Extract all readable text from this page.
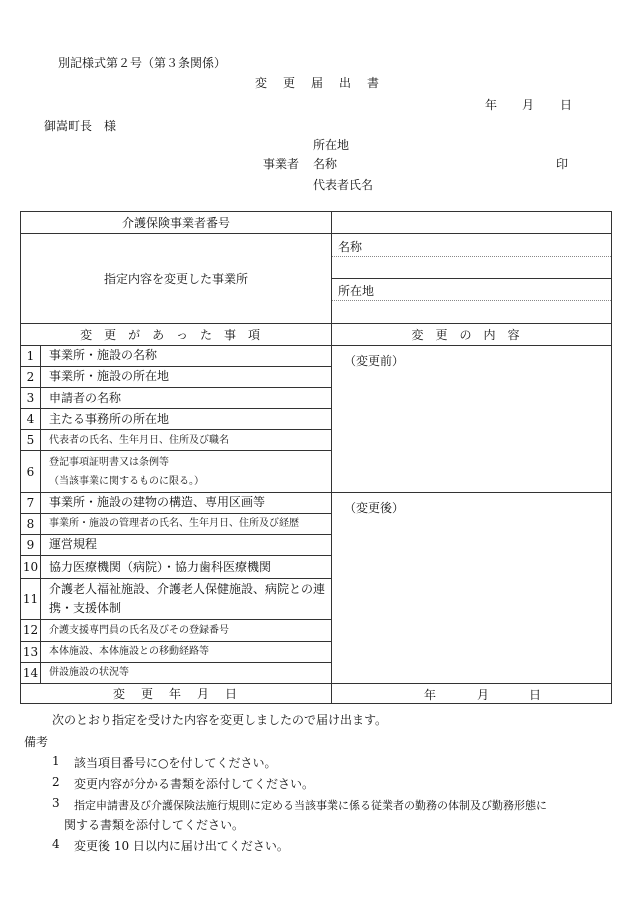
別記様式第２号（第３条関係）
変　更　届　出　書
年 月 日
御嵩町長　様
所在地
事業者 名称	印
代表者氏名
介護保険事業者番号		
指定内容を変更した事業所		名称
所在地

変更があった事項		変更の内容
1	事業所・施設の名称	（変更前）

2	事業所・施設の所在地	
3	申請者の名称	
4	主たる事務所の所在地	
5	代表者の氏名、生年月日、住所及び職名	
6	登記事項証明書又は条例等
（当該事業に関するものに限る。）	

7	事業所・施設の建物の構造、専用区画等	（変更後）

8	事業所・施設の管理者の氏名、生年月日、住所及び経歴	
9	運営規程	
10	協力医療機関（病院）・協力歯科医療機関	
11	介護老人福祉施設、介護老人保健施設、病院との連
携・支援体制	

12	介護支援専門員の氏名及びその登録番号	
13	本体施設、本体施設との移動経路等	
14	併設施設の状況等	
変　更　年　月　日		年 月 日
次のとおり指定を受けた内容を変更しましたので届け出ます。
備考
1 該当項目番号に○を付してください。
2 変更内容が分かる書類を添付してください。
3 指定申請書及び介護保険法施行規則に定める当該事業に係る従業者の勤務の体制及び勤務形態に
関する書類を添付してください。
4 変更後 10 日以内に届け出てください。
